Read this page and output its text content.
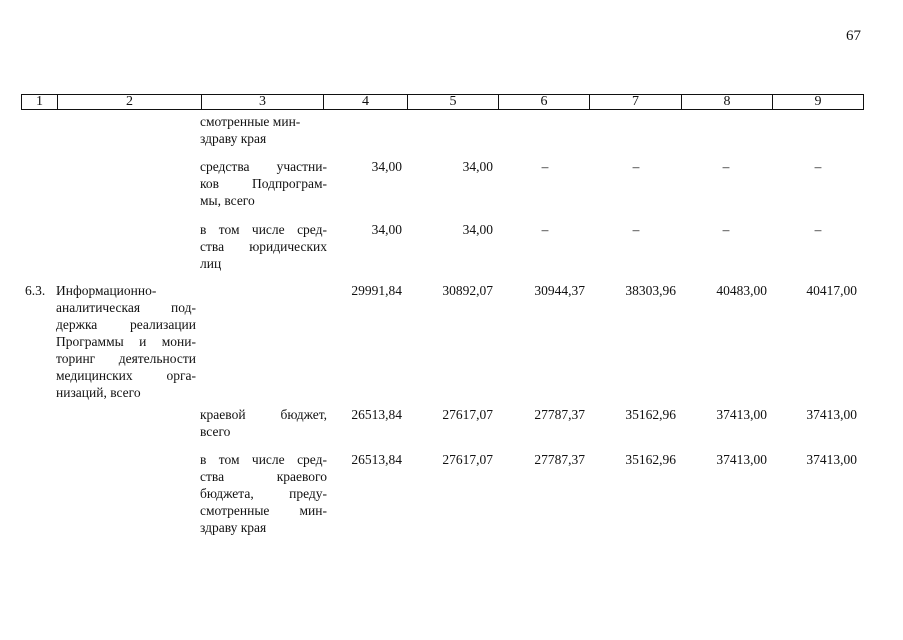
67
1	2	3	4	5	6	7	8	9
смотренные мин-
здраву края
средства участни-
ков Подпрограм-
мы, всего
34,00	34,00	–	–	–	–
в том числе сред-
ства юридических
лиц
34,00	34,00	–	–	–	–
6.3. Информационно-
аналитическая под-
держка реализации
Программы и мони-
торинг деятельности
медицинских	орга-
низаций, всего
29991,84	30892,07	30944,37	38303,96	40483,00	40417,00
краевой	бюджет,
всего
26513,84	27617,07	27787,37	35162,96	37413,00	37413,00
в том числе сред-
ства	краевого
бюджета,	преду-
смотренные мин-
здраву края
26513,84	27617,07	27787,37	35162,96	37413,00	37413,00
